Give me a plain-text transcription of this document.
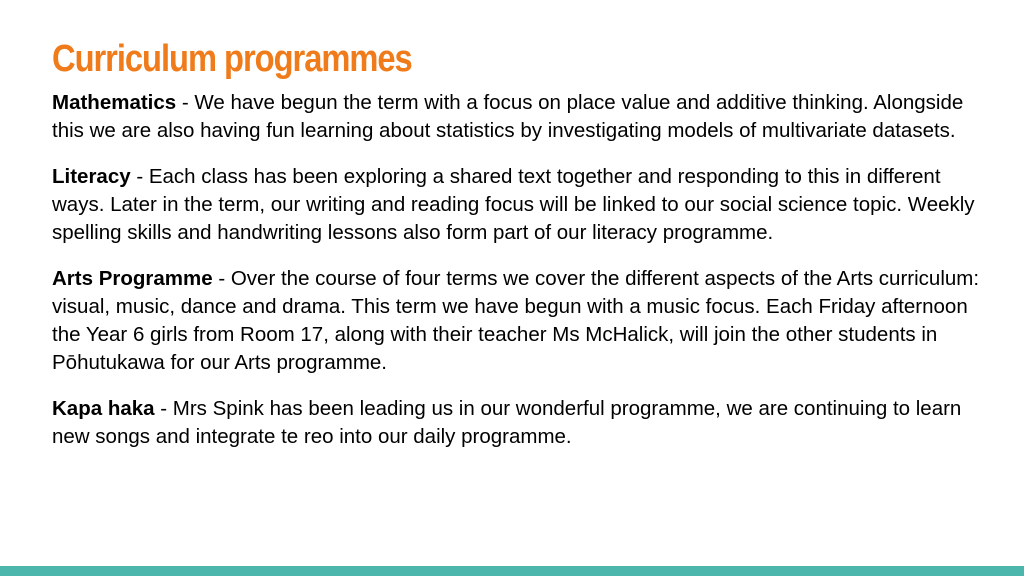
Curriculum programmes

Mathematics - We have begun the term with a focus on place value and additive thinking. Alongside this we are also having fun learning about statistics by investigating models of multivariate datasets.

Literacy - Each class has been exploring a shared text together and responding to this in different ways. Later in the term, our writing and reading focus will be linked to our social science topic. Weekly spelling skills and handwriting lessons also form part of our literacy programme.

Arts Programme - Over the course of four terms we cover the different aspects of the Arts curriculum: visual, music, dance and drama. This term we have begun with a music focus. Each Friday afternoon the Year 6 girls from Room 17, along with their teacher Ms McHalick, will join the other students in Pōhutukawa for our Arts programme.

Kapa haka - Mrs Spink has been leading us in our wonderful programme, we are continuing to learn new songs and integrate te reo into our daily programme.
